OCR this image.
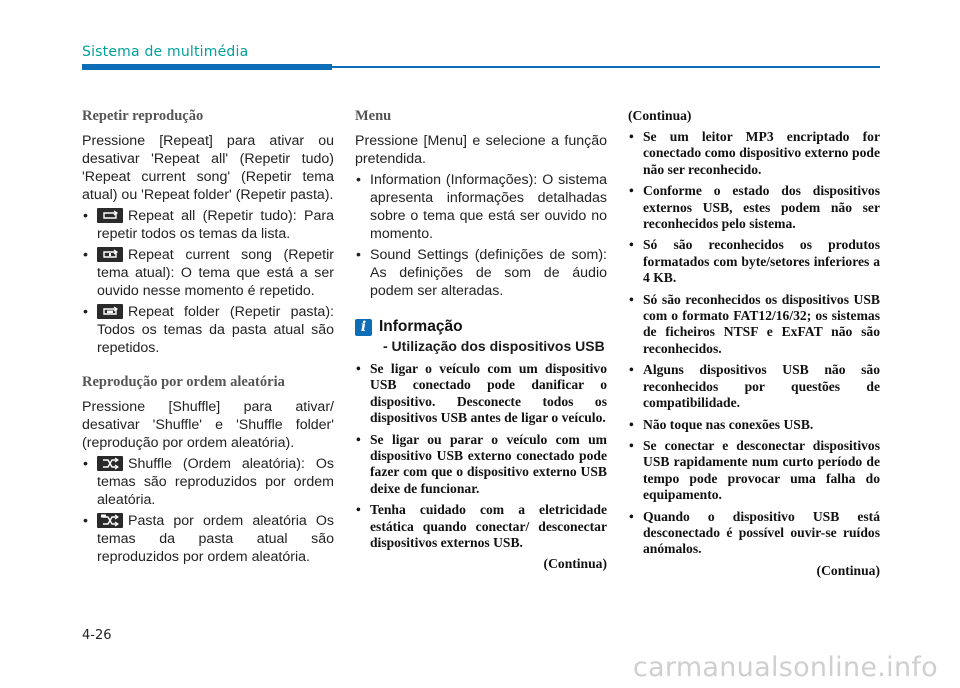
Sistema de multimédia
Repetir reprodução

Pressione [Repeat] para ativar ou desativar 'Repeat all' (Repetir tudo) 'Repeat current song' (Repetir tema atual) ou 'Repeat folder' (Repetir pasta).

• Repeat all (Repetir tudo): Para repetir todos os temas da lista.
• Repeat current song (Repetir tema atual): O tema que está a ser ouvido nesse momento é repetido.
• Repeat folder (Repetir pasta): Todos os temas da pasta atual são repetidos.
Reprodução por ordem aleatória

Pressione [Shuffle] para ativar/ desativar 'Shuffle' e 'Shuffle folder' (reprodução por ordem aleatória).

• Shuffle (Ordem aleatória): Os temas são reproduzidos por ordem aleatória.
• Pasta por ordem aleatória Os temas da pasta atual são reproduzidos por ordem aleatória.
Menu

Pressione [Menu] e selecione a função pretendida.

• Information (Informações): O sistema apresenta informações detalhadas sobre o tema que está ser ouvido no momento.
• Sound Settings (definições de som): As definições de som de áudio podem ser alteradas.
i Informação
- Utilização dos dispositivos USB
• Se ligar o veículo com um dispositivo USB conectado pode danificar o dispositivo. Desconecte todos os dispositivos USB antes de ligar o veículo.
• Se ligar ou parar o veículo com um dispositivo USB externo conectado pode fazer com que o dispositivo externo USB deixe de funcionar.
• Tenha cuidado com a eletricidade estática quando conectar/ desconectar dispositivos externos USB.
(Continua)
(Continua)
• Se um leitor MP3 encriptado for conectado como dispositivo externo pode não ser reconhecido.
• Conforme o estado dos dispositivos externos USB, estes podem não ser reconhecidos pelo sistema.
• Só são reconhecidos os produtos formatados com byte/setores inferiores a 4 KB.
• Só são reconhecidos os dispositivos USB com o formato FAT12/16/32; os sistemas de ficheiros NTSF e ExFAT não são reconhecidos.
• Alguns dispositivos USB não são reconhecidos por questões de compatibilidade.
• Não toque nas conexões USB.
• Se conectar e desconectar dispositivos USB rapidamente num curto período de tempo pode provocar uma falha do equipamento.
• Quando o dispositivo USB está desconectado é possível ouvir-se ruídos anómalos.
(Continua)
4-26
carmanualsonline.info
